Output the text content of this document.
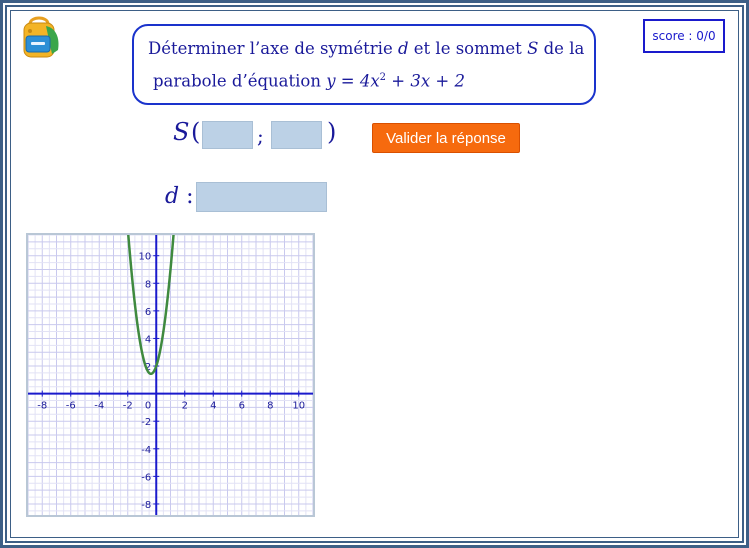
score : 0/0
Déterminer l’axe de symétrie d et le sommet S de la
parabole d’équation $y = 4x^2 + 3x + 2$
S (	;	)	Valider la réponse
d :
-8 -6 -4 -2	2 4 6 8 10
10
8
6
4
2
-2
-4
-6
-8
0
